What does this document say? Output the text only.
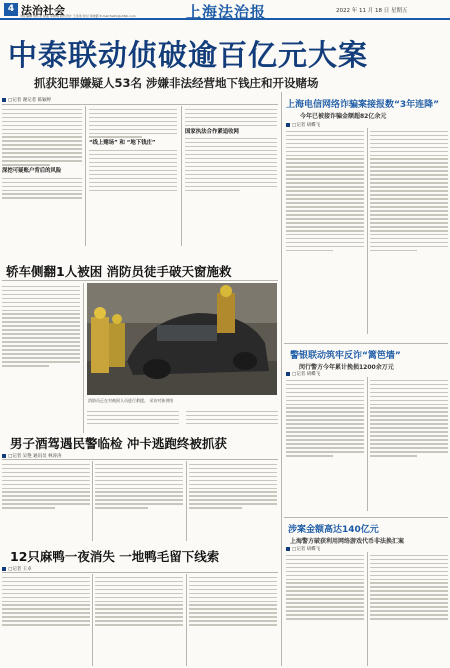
4 法治社会
责任编辑 刘小龙 版面 李晓明 版式设计 王涛涛 校对 李晓霞 E-mail:fazhi@shfzb.com	上海法治报	2022 年 11 月 18 日 星期五
中泰联动侦破逾百亿元大案
抓获犯罪嫌疑人53名 涉嫌非法经营地下钱庄和开设赌场
□记者 谢记者 陈颖婷
深挖可疑账户背后的风险
“线上赌场” 和 “地下钱庄”
国家执法合作紧追收网
轿车侧翻1人被困 消防员徒手破天窗施救
消防员正在对被困人员进行救援。 采访对象供图
男子酒驾遇民警临检 冲卡逃跑终被抓获
□记者 吴艳 通讯员 林涛涛
12只麻鸭一夜消失 一地鸭毛留下线索
□记者 王卓
上海电信网络诈骗案接报数“3年连降”
今年已被接诈骗金额超82亿余元
□记者 胡蝶飞
警银联动筑牢反诈“篱笆墙”
闵行警方今年累计挽损1200余万元
□记者 胡蝶飞
涉案金额高达140亿元
上海警方破获利用网络游戏代币非法换汇案
□记者 胡蝶飞
